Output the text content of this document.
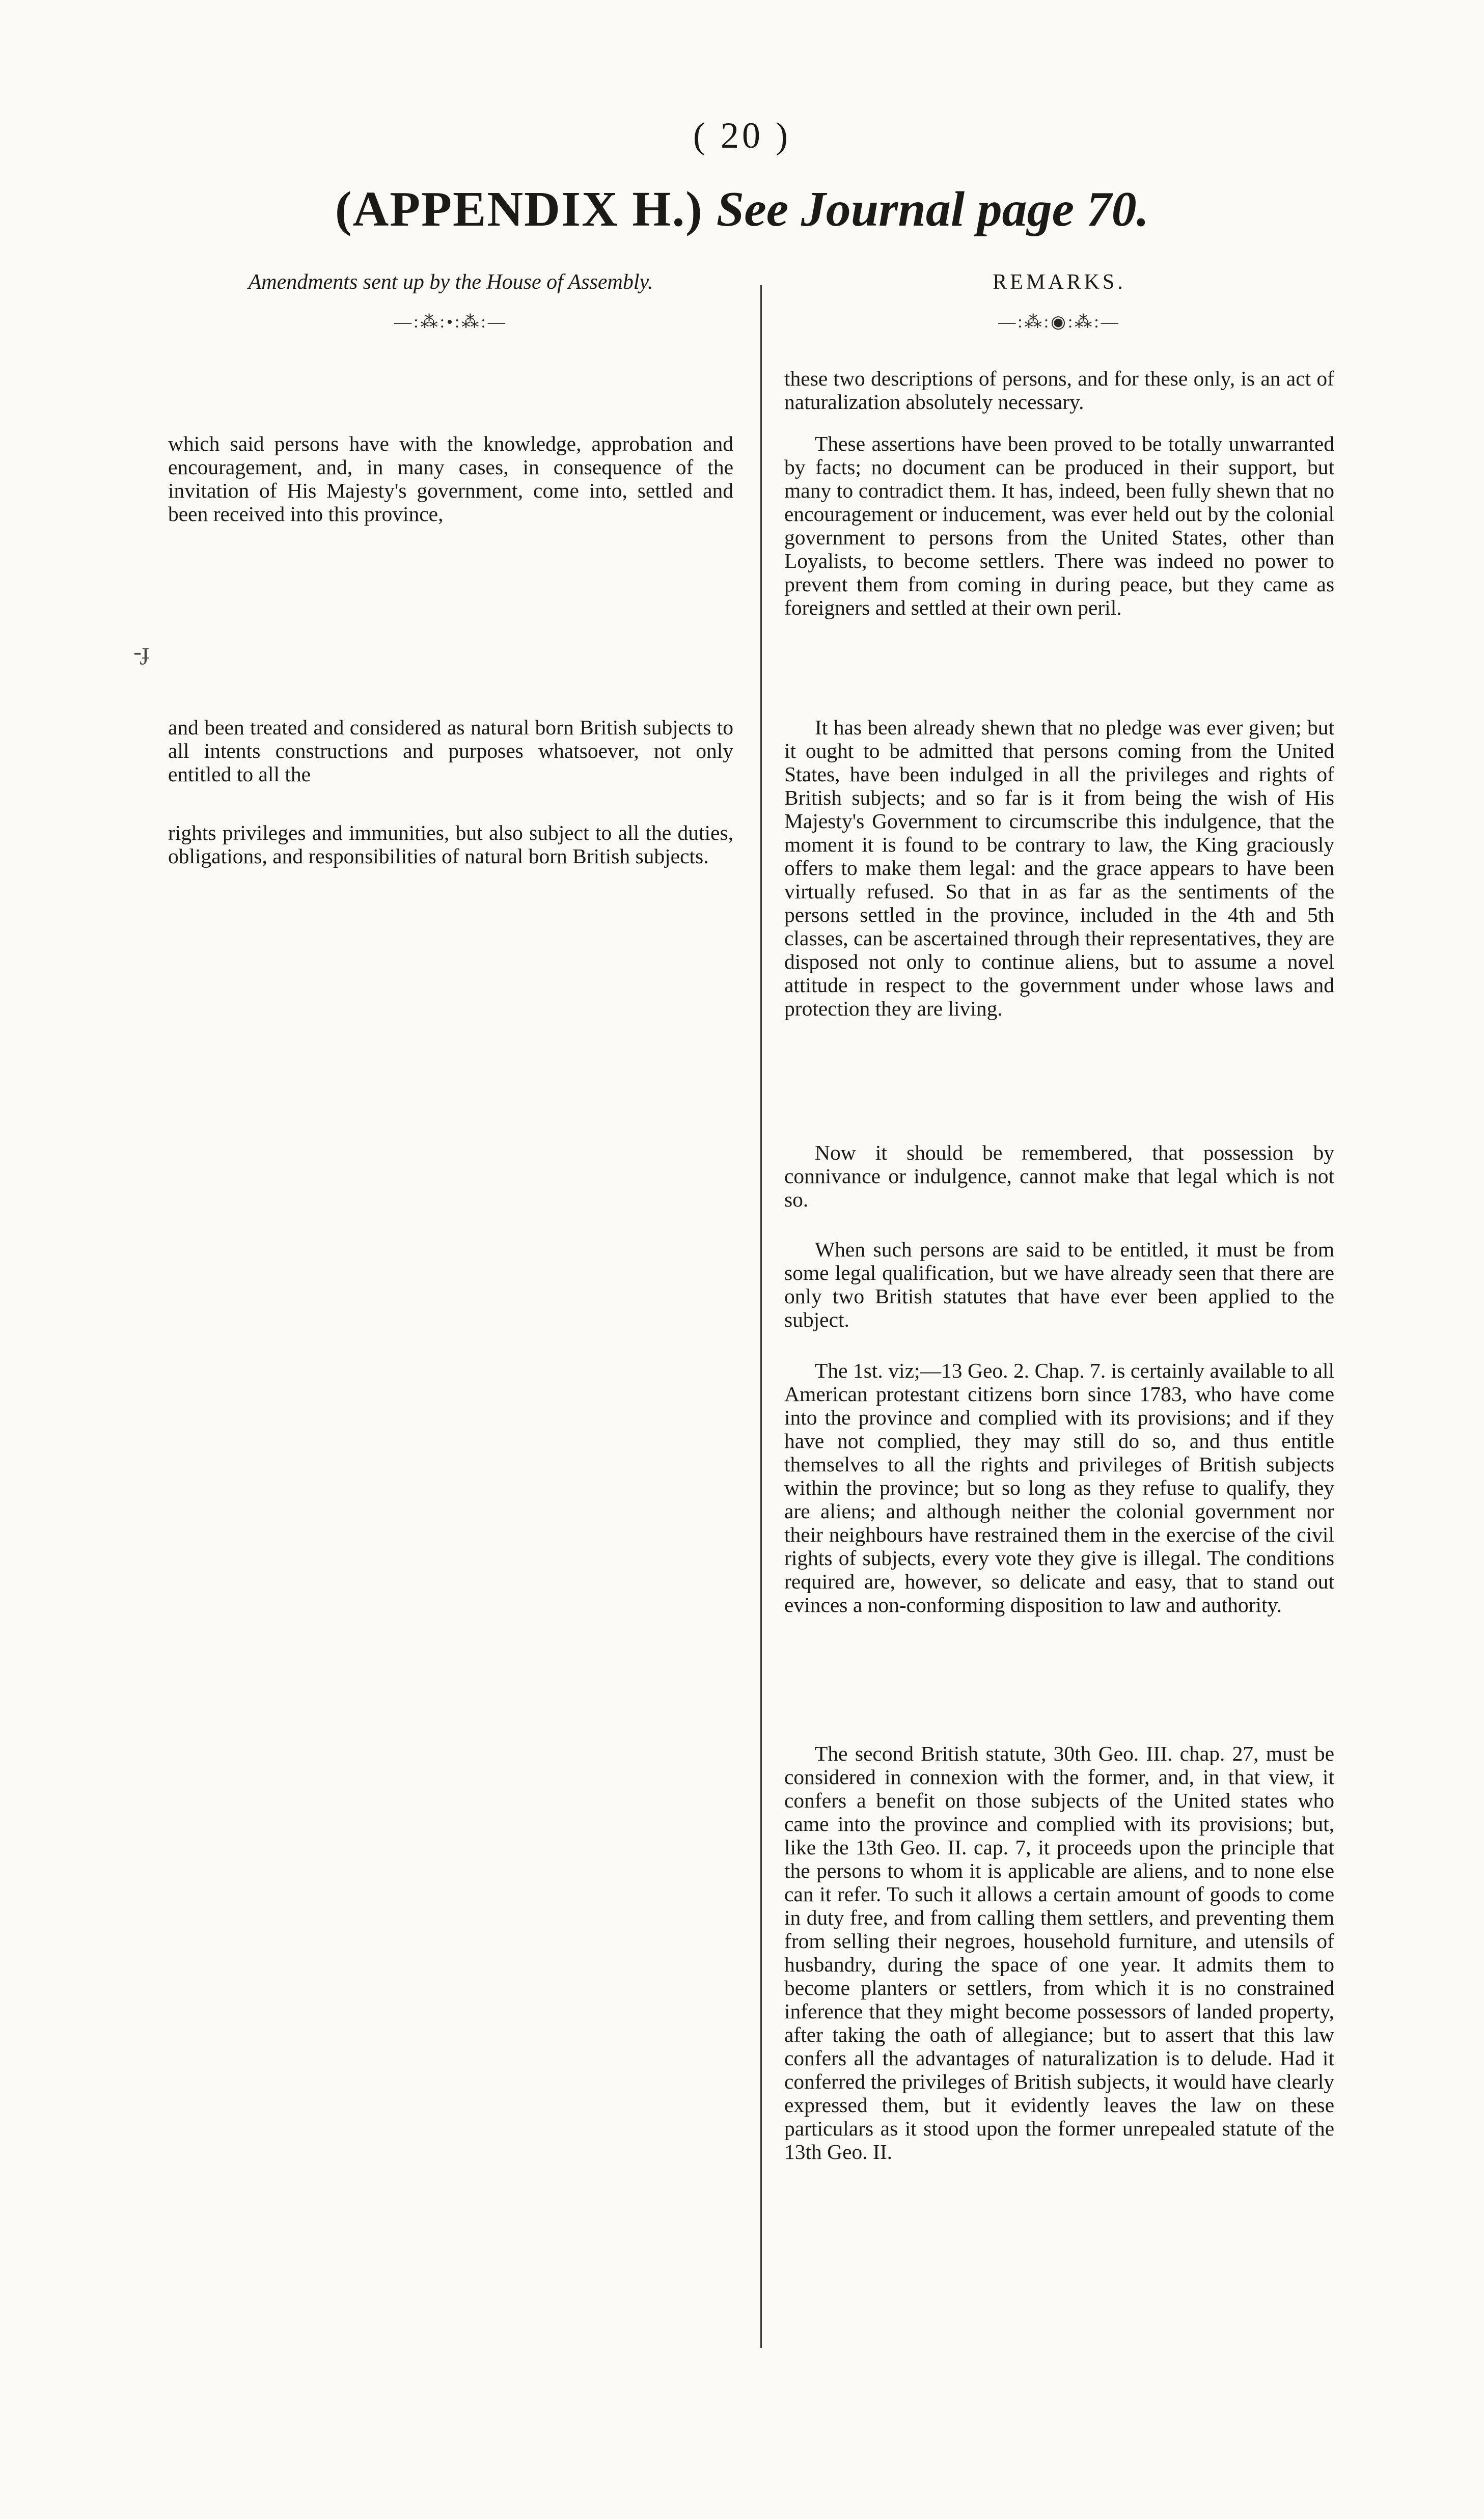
( 20 )
(APPENDIX H.) See Journal page 70.
Amendments sent up by the House of Assembly.	REMARKS.
—:⁂:•:⁂:—	—:⁂:◉:⁂:—
-ɟ
which said persons have with the knowledge, approbation and encouragement, and, in many cases, in consequence of the invitation of His Majesty's government, come into, settled and been received into this province,
and been treated and considered as natural born British subjects to all intents constructions and purposes whatsoever, not only entitled to all the
rights privileges and immunities, but also subject to all the duties, obligations, and responsibilities of natural born British subjects.
these two descriptions of persons, and for these only, is an act of naturalization absolutely necessary.
These assertions have been proved to be totally unwarranted by facts; no document can be produced in their support, but many to contradict them. It has, indeed, been fully shewn that no encouragement or inducement, was ever held out by the colonial government to persons from the United States, other than Loyalists, to become settlers. There was indeed no power to prevent them from coming in during peace, but they came as foreigners and settled at their own peril.
It has been already shewn that no pledge was ever given; but it ought to be admitted that persons coming from the United States, have been indulged in all the privileges and rights of British subjects; and so far is it from being the wish of His Majesty's Government to circumscribe this indulgence, that the moment it is found to be contrary to law, the King graciously offers to make them legal: and the grace appears to have been virtually refused. So that in as far as the sentiments of the persons settled in the province, included in the 4th and 5th classes, can be ascertained through their representatives, they are disposed not only to continue aliens, but to assume a novel attitude in respect to the government under whose laws and protection they are living.
Now it should be remembered, that possession by connivance or indulgence, cannot make that legal which is not so.
When such persons are said to be entitled, it must be from some legal qualification, but we have already seen that there are only two British statutes that have ever been applied to the subject.
The 1st. viz;—13 Geo. 2. Chap. 7. is certainly available to all American protestant citizens born since 1783, who have come into the province and complied with its provisions; and if they have not complied, they may still do so, and thus entitle themselves to all the rights and privileges of British subjects within the province; but so long as they refuse to qualify, they are aliens; and although neither the colonial government nor their neighbours have restrained them in the exercise of the civil rights of subjects, every vote they give is illegal. The conditions required are, however, so delicate and easy, that to stand out evinces a non-conforming disposition to law and authority.
The second British statute, 30th Geo. III. chap. 27, must be considered in connexion with the former, and, in that view, it confers a benefit on those subjects of the United states who came into the province and complied with its provisions; but, like the 13th Geo. II. cap. 7, it proceeds upon the principle that the persons to whom it is applicable are aliens, and to none else can it refer. To such it allows a certain amount of goods to come in duty free, and from calling them settlers, and preventing them from selling their negroes, household furniture, and utensils of husbandry, during the space of one year. It admits them to become planters or settlers, from which it is no constrained inference that they might become possessors of landed property, after taking the oath of allegiance; but to assert that this law confers all the advantages of naturalization is to delude. Had it conferred the privileges of British subjects, it would have clearly expressed them, but it evidently leaves the law on these particulars as it stood upon the former unrepealed statute of the 13th Geo. II.
